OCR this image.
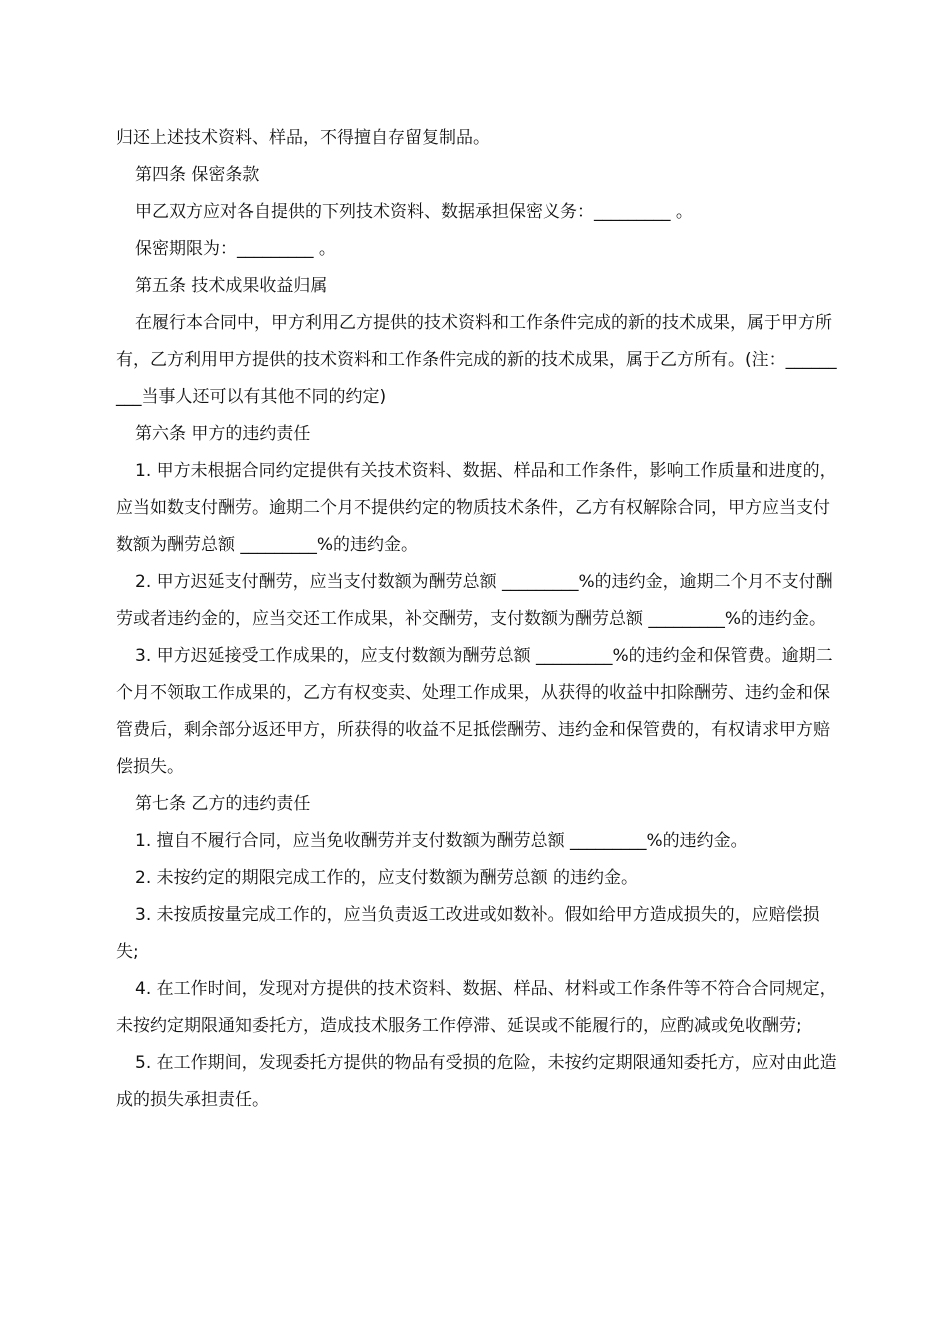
归还上述技术资料、样品，不得擅自存留复制品。

第四条 保密条款

甲乙双方应对各自提供的下列技术资料、数据承担保密义务：_________ 。

保密期限为：_________ 。

第五条 技术成果收益归属

在履行本合同中，甲方利用乙方提供的技术资料和工作条件完成的新的技术成果，属于甲方所有，乙方利用甲方提供的技术资料和工作条件完成的新的技术成果，属于乙方所有。(注：_________当事人还可以有其他不同的约定)

第六条 甲方的违约责任

1. 甲方未根据合同约定提供有关技术资料、数据、样品和工作条件，影响工作质量和进度的，应当如数支付酬劳。逾期二个月不提供约定的物质技术条件，乙方有权解除合同，甲方应当支付数额为酬劳总额 _________%的违约金。

2. 甲方迟延支付酬劳，应当支付数额为酬劳总额 _________%的违约金，逾期二个月不支付酬劳或者违约金的，应当交还工作成果，补交酬劳，支付数额为酬劳总额 _________%的违约金。

3. 甲方迟延接受工作成果的，应支付数额为酬劳总额 _________%的违约金和保管费。逾期二个月不领取工作成果的，乙方有权变卖、处理工作成果，从获得的收益中扣除酬劳、违约金和保管费后，剩余部分返还甲方，所获得的收益不足抵偿酬劳、违约金和保管费的，有权请求甲方赔偿损失。

第七条 乙方的违约责任

1. 擅自不履行合同，应当免收酬劳并支付数额为酬劳总额 _________%的违约金。

2. 未按约定的期限完成工作的，应支付数额为酬劳总额 的违约金。

3. 未按质按量完成工作的，应当负责返工改进或如数补。假如给甲方造成损失的，应赔偿损失;

4. 在工作时间，发现对方提供的技术资料、数据、样品、材料或工作条件等不符合合同规定，未按约定期限通知委托方，造成技术服务工作停滞、延误或不能履行的，应酌减或免收酬劳;

5. 在工作期间，发现委托方提供的物品有受损的危险，未按约定期限通知委托方，应对由此造成的损失承担责任。
